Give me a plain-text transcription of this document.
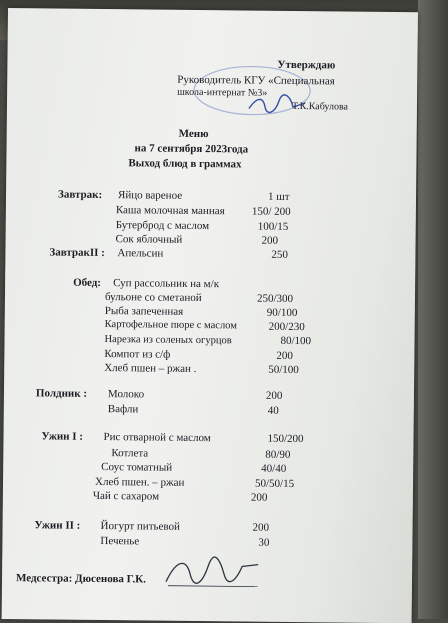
Утверждаю
Руководитель КГУ «Специальная
школа-интернат №3»
Т.К.Кабулова
Меню
на 7 сентября 2023года
Выход блюд в граммах
Завтрак: Яйцо вареное	1 шт
Каша молочная манная 150/ 200
Бутерброд с маслом	100/15
Сок яблочный	200
ЗавтракII : Апельсин	250
Обед: Суп рассольник на м/к
бульоне со сметаной	250/300
Рыба запеченная	90/100
Картофельное пюре с маслом	200/230
Нарезка из соленых огурцов	80/100
Компот из с/ф	200
Хлеб пшен – ржан .	50/100
Полдник : Молоко	200
Вафли	40
Ужин I : Рис отварной с маслом	150/200
Котлета	80/90
Соус томатный	40/40
Хлеб пшен. – ржан	50/50/15
Чай с сахаром	200
Ужин II : Йогурт питьевой	200
Печенье	30
Медсестра: Дюсенова Г.К.
